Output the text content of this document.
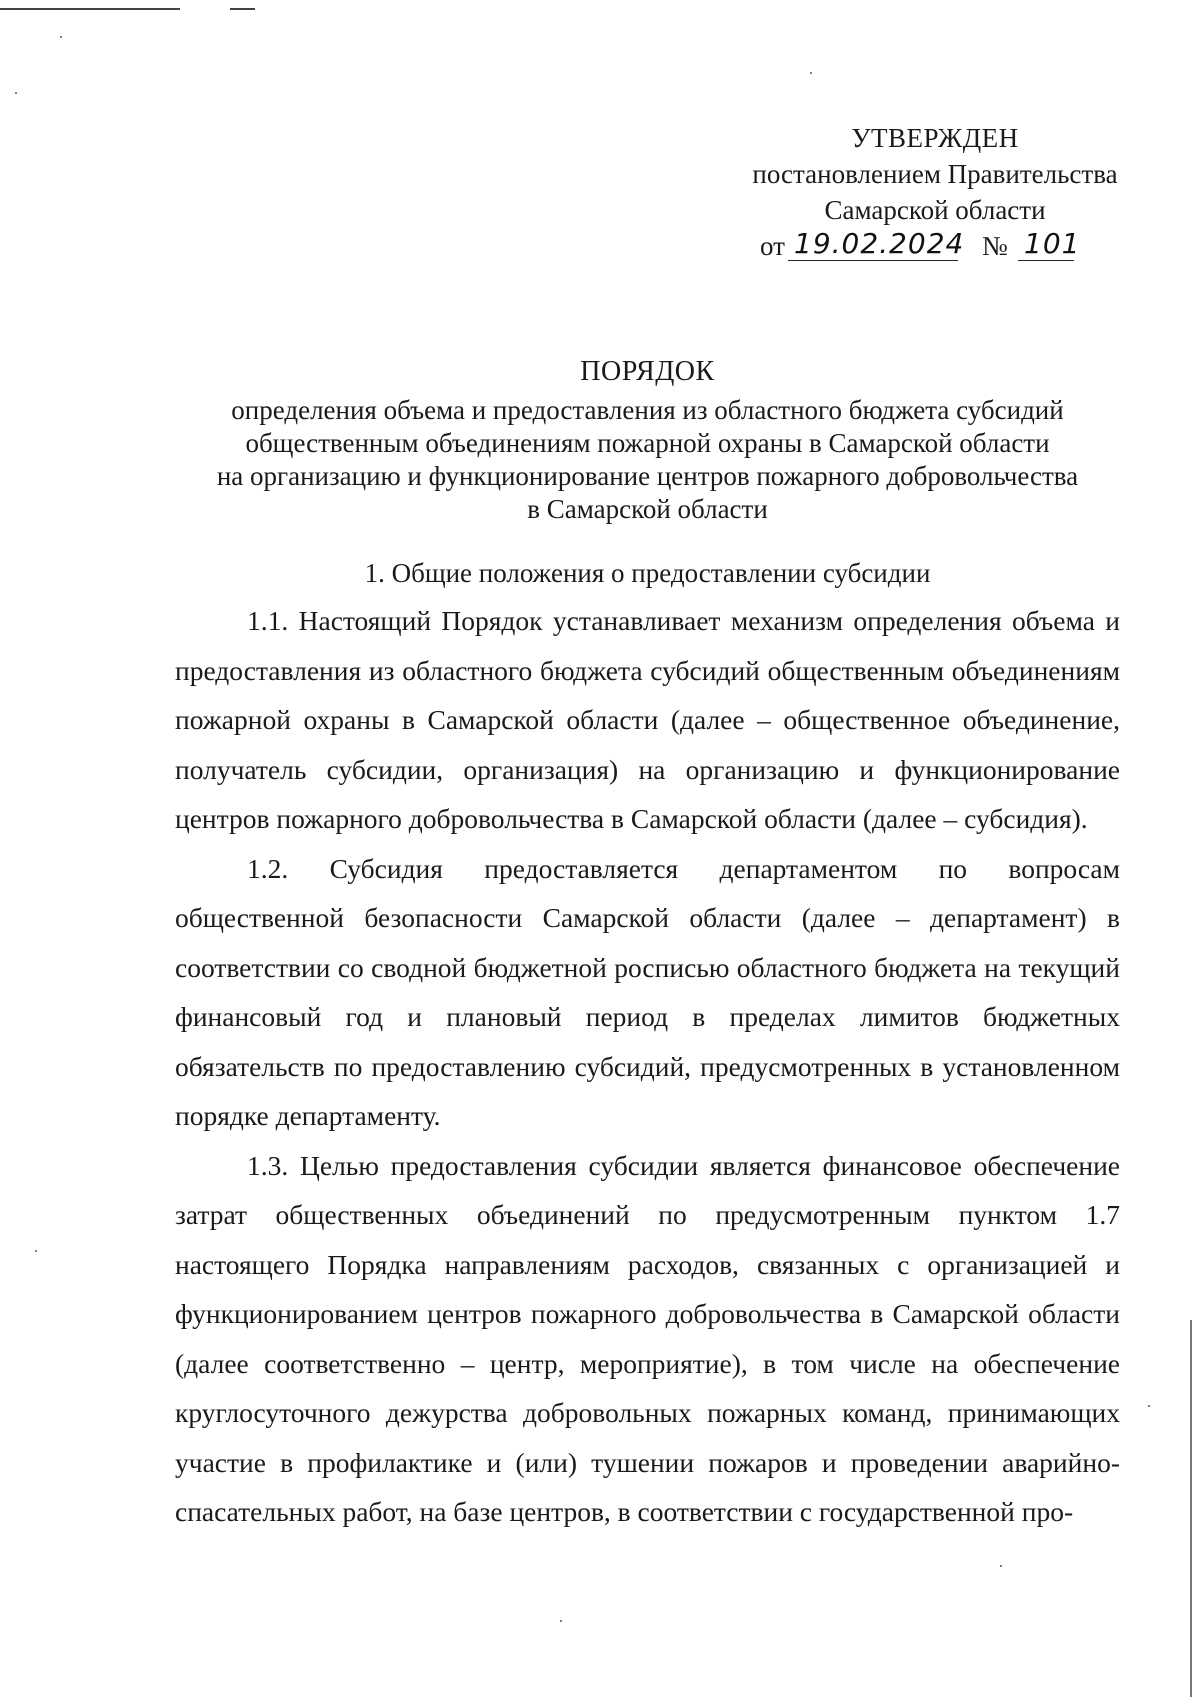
УТВЕРЖДЕН
постановлением Правительства
Самарской области
от 19.02.2024 № 101
ПОРЯДОК
определения объема и предоставления из областного бюджета субсидий
общественным объединениям пожарной охраны в Самарской области
на организацию и функционирование центров пожарного добровольчества
в Самарской области
1. Общие положения о предоставлении субсидии

1.1. Настоящий Порядок устанавливает механизм определения объема и предоставления из областного бюджета субсидий общественным объединениям пожарной охраны в Самарской области (далее – общественное объединение, получатель субсидии, организация) на организацию и функционирование центров пожарного добровольчества в Самарской области (далее – субсидия).

1.2. Субсидия предоставляется департаментом по вопросам общественной безопасности Самарской области (далее – департамент) в соответствии со сводной бюджетной росписью областного бюджета на текущий финансовый год и плановый период в пределах лимитов бюджетных обязательств по предоставлению субсидий, предусмотренных в установленном порядке департаменту.

1.3. Целью предоставления субсидии является финансовое обеспечение затрат общественных объединений по предусмотренным пунктом 1.7 настоящего Порядка направлениям расходов, связанных с организацией и функционированием центров пожарного добровольчества в Самарской области (далее соответственно – центр, мероприятие), в том числе на обеспечение круглосуточного дежурства добровольных пожарных команд, принимающих участие в профилактике и (или) тушении пожаров и проведении аварийно-спасательных работ, на базе центров, в соответствии с государственной про-
